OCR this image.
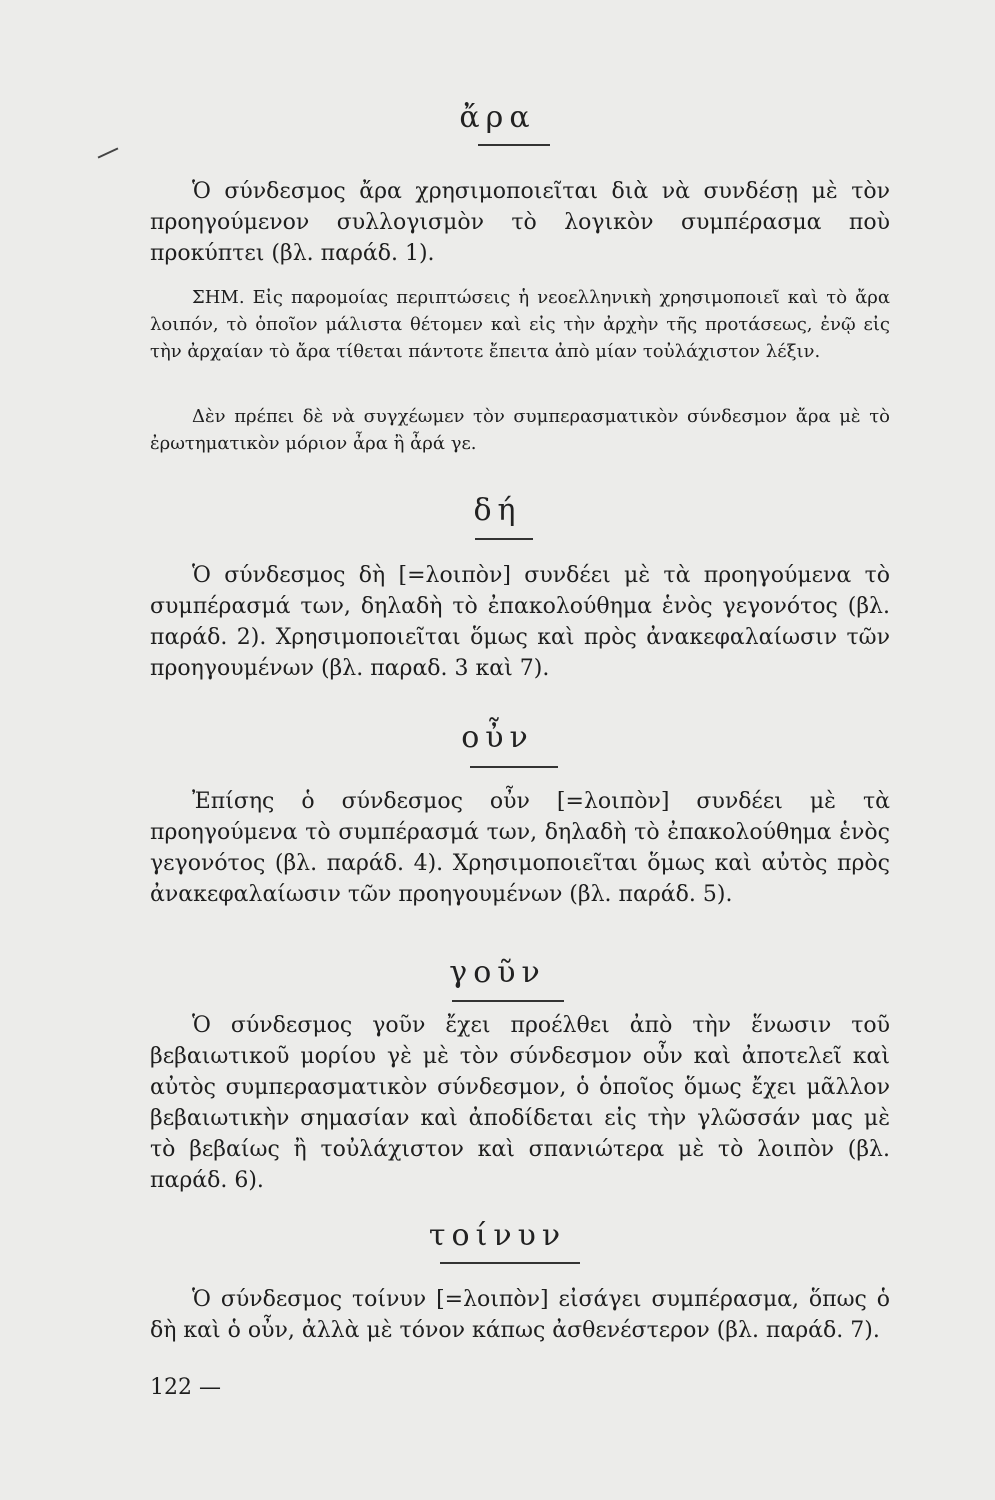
ἄρα
Ὁ σύνδεσμος ἄρα χρησιμοποιεῖται διὰ νὰ συνδέσῃ μὲ τὸν προηγούμενον συλλογισμὸν τὸ λογικὸν συμπέρασμα ποὺ προκύπτει (βλ. παράδ. 1).
ΣΗΜ. Εἰς παρομοίας περιπτώσεις ἡ νεοελληνικὴ χρησιμοποιεῖ καὶ τὸ ἄρα λοιπόν, τὸ ὁποῖον μάλιστα θέτομεν καὶ εἰς τὴν ἀρχὴν τῆς προτάσεως, ἐνῷ εἰς τὴν ἀρχαίαν τὸ ἄρα τίθεται πάντοτε ἔπειτα ἀπὸ μίαν τοὐλάχιστον λέξιν.
Δὲν πρέπει δὲ νὰ συγχέωμεν τὸν συμπερασματικὸν σύνδεσμον ἄρα μὲ τὸ ἐρωτηματικὸν μόριον ἆρα ἢ ἆρά γε.
δή
Ὁ σύνδεσμος δὴ [=λοιπὸν] συνδέει μὲ τὰ προηγούμενα τὸ συμπέρασμά των, δηλαδὴ τὸ ἐπακολούθημα ἑνὸς γεγονότος (βλ. παράδ. 2). Χρησιμοποιεῖται ὅμως καὶ πρὸς ἀνακεφαλαίωσιν τῶν προηγουμένων (βλ. παραδ. 3 καὶ 7).
οὖν
Ἐπίσης ὁ σύνδεσμος οὖν [=λοιπὸν] συνδέει μὲ τὰ προηγούμενα τὸ συμπέρασμά των, δηλαδὴ τὸ ἐπακολούθημα ἑνὸς γεγονότος (βλ. παράδ. 4). Χρησιμοποιεῖται ὅμως καὶ αὐτὸς πρὸς ἀνακεφαλαίωσιν τῶν προηγουμένων (βλ. παράδ. 5).
γοῦν
Ὁ σύνδεσμος γοῦν ἔχει προέλθει ἀπὸ τὴν ἕνωσιν τοῦ βεβαιωτικοῦ μορίου γὲ μὲ τὸν σύνδεσμον οὖν καὶ ἀποτελεῖ καὶ αὐτὸς συμπερασματικὸν σύνδεσμον, ὁ ὁποῖος ὅμως ἔχει μᾶλλον βεβαιωτικὴν σημασίαν καὶ ἀποδίδεται εἰς τὴν γλῶσσάν μας μὲ τὸ βεβαίως ἢ τοὐλάχιστον καὶ σπανιώτερα μὲ τὸ λοιπὸν (βλ. παράδ. 6).
τοίνυν
Ὁ σύνδεσμος τοίνυν [=λοιπὸν] εἰσάγει συμπέρασμα, ὅπως ὁ δὴ καὶ ὁ οὖν, ἀλλὰ μὲ τόνον κάπως ἀσθενέστερον (βλ. παράδ. 7).
122 —
